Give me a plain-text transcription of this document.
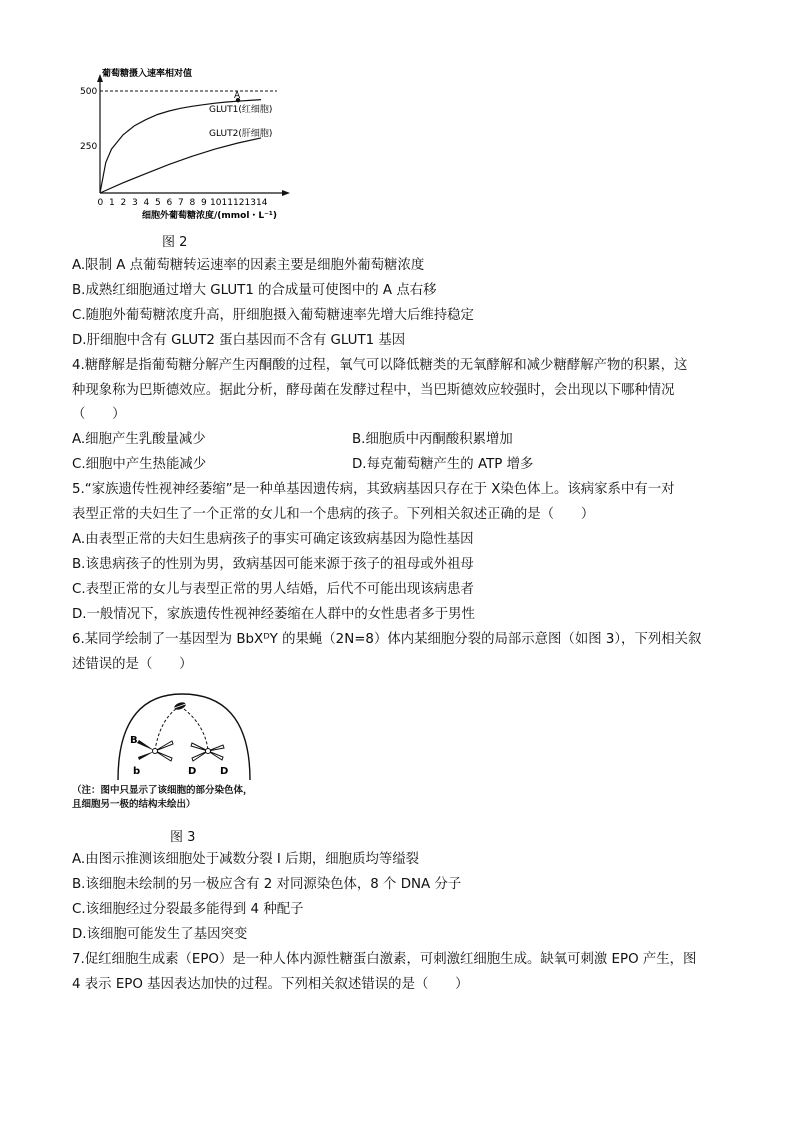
葡萄糖摄入速率相对值
500
250
0 1 2 3 4 5 6 7 8 9 10 11 12 13 14
A
GLUT1(红细胞)
GLUT2(肝细胞)
细胞外葡萄糖浓度/(mmol・L⁻¹)
图 2
A.限制 A 点葡萄糖转运速率的因素主要是细胞外葡萄糖浓度
B.成熟红细胞通过增大 GLUT1 的合成量可使图中的 A 点右移
C.随胞外葡萄糖浓度升高，肝细胞摄入葡萄糖速率先增大后维持稳定
D.肝细胞中含有 GLUT2 蛋白基因而不含有 GLUT1 基因
4.糖酵解是指葡萄糖分解产生丙酮酸的过程，氧气可以降低糖类的无氧酵解和减少糖酵解产物的积累，这
种现象称为巴斯德效应。据此分析，酵母菌在发酵过程中，当巴斯德效应较强时，会出现以下哪种情况
（　　）
A.细胞产生乳酸量减少	B.细胞质中丙酮酸积累增加
C.细胞中产生热能减少	D.每克葡萄糖产生的 ATP 增多
5.“家族遗传性视神经萎缩”是一种单基因遗传病，其致病基因只存在于 X染色体上。该病家系中有一对
表型正常的夫妇生了一个正常的女儿和一个患病的孩子。下列相关叙述正确的是（　　）
A.由表型正常的夫妇生患病孩子的事实可确定该致病基因为隐性基因
B.该患病孩子的性别为男，致病基因可能来源于孩子的祖母或外祖母
C.表型正常的女儿与表型正常的男人结婚，后代不可能出现该病患者
D.一般情况下，家族遗传性视神经萎缩在人群中的女性患者多于男性
6.某同学绘制了一基因型为 BbXᴰY 的果蝇（2N=8）体内某细胞分裂的局部示意图（如图 3），下列相关叙
述错误的是（　　）
B
b	D D
（注：图中只显示了该细胞的部分染色体，
且细胞另一极的结构未绘出）
图 3
A.由图示推测该细胞处于减数分裂 I 后期，细胞质均等缢裂
B.该细胞未绘制的另一极应含有 2 对同源染色体，8 个 DNA 分子
C.该细胞经过分裂最多能得到 4 种配子
D.该细胞可能发生了基因突变
7.促红细胞生成素（EPO）是一种人体内源性糖蛋白激素，可刺激红细胞生成。缺氧可刺激 EPO 产生，图
4 表示 EPO 基因表达加快的过程。下列相关叙述错误的是（　　）
